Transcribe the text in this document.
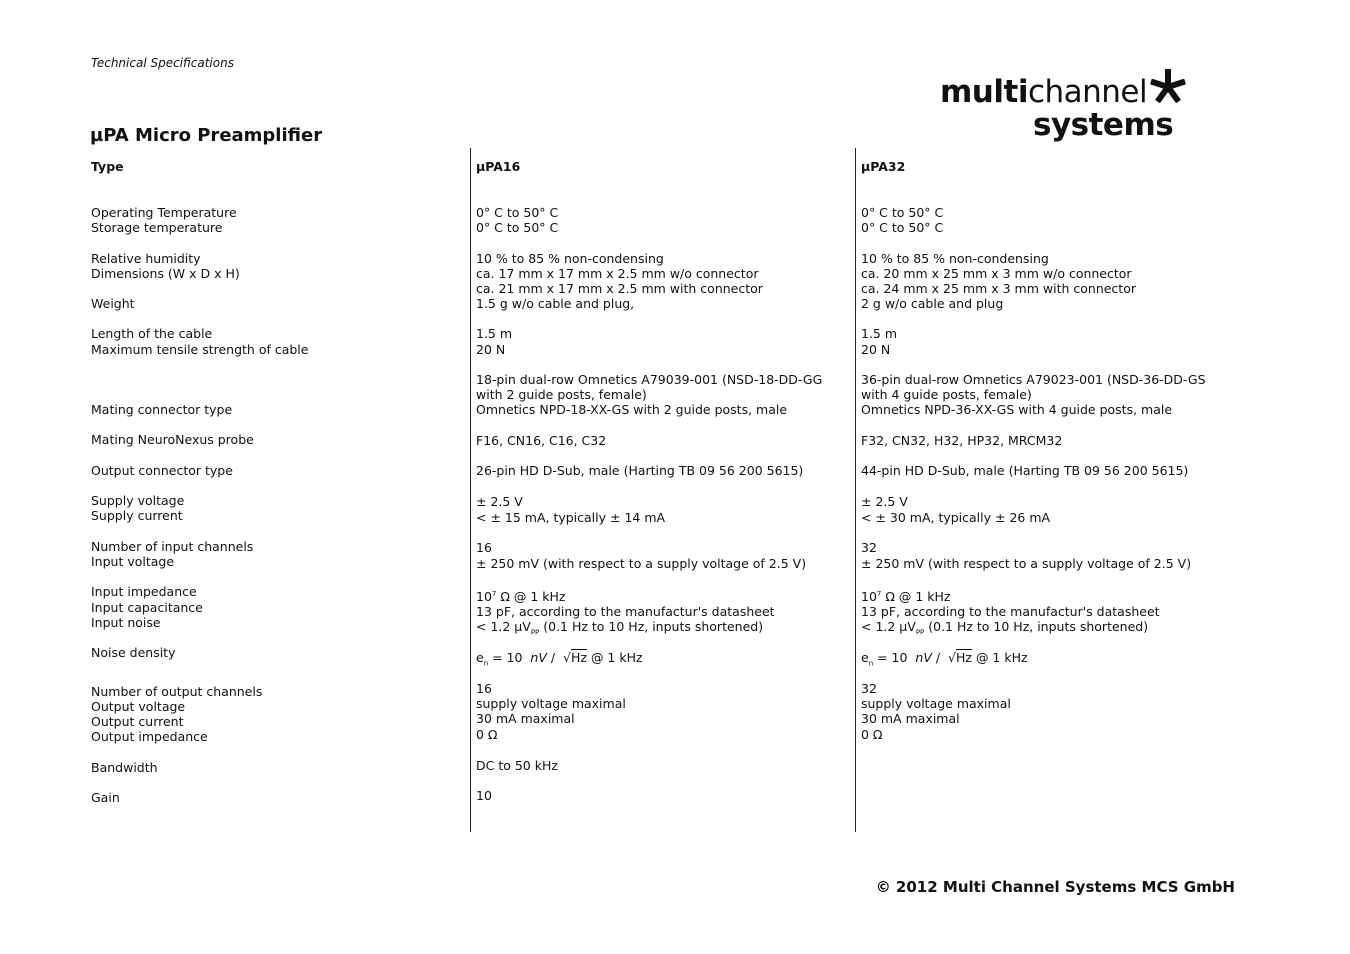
Technical Specifications
multichannel
systems
µPA Micro Preamplifier
Type
Operating Temperature
Storage temperature
Relative humidity
Dimensions (W x D x H)
Weight
Length of the cable
Maximum tensile strength of cable
Mating connector type
Mating NeuroNexus probe
Output connector type
Supply voltage
Supply current
Number of input channels
Input voltage
Input impedance
Input capacitance
Input noise
Noise density
Number of output channels
Output voltage
Output current
Output impedance
Bandwidth
Gain
µPA16
0° C to 50° C
0° C to 50° C
10 % to 85 % non-condensing
ca. 17 mm x 17 mm x 2.5 mm w/o connector
ca. 21 mm x 17 mm x 2.5 mm with connector
1.5 g w/o cable and plug,
1.5 m
20 N
18-pin dual-row Omnetics A79039-001 (NSD-18-DD-GG
with 2 guide posts, female)
Omnetics NPD-18-XX-GS with 2 guide posts, male
F16, CN16, C16, C32
26-pin HD D-Sub, male (Harting TB 09 56 200 5615)
± 2.5 V
< ± 15 mA, typically ± 14 mA
16
± 250 mV (with respect to a supply voltage of 2.5 V)
$10^7$ Ω @ 1 kHz
13 pF, according to the manufactur's datasheet
< 1.2 µV$_{PP}$ (0.1 Hz to 10 Hz, inputs shortened)
$e_n = 10$  nV /  √Hz @ 1 kHz
16
supply voltage maximal
30 mA maximal
0 Ω
DC to 50 kHz
10
µPA32
0° C to 50° C
0° C to 50° C
10 % to 85 % non-condensing
ca. 20 mm x 25 mm x 3 mm w/o connector
ca. 24 mm x 25 mm x 3 mm with connector
2 g w/o cable and plug
1.5 m
20 N
36-pin dual-row Omnetics A79023-001 (NSD-36-DD-GS
with 4 guide posts, female)
Omnetics NPD-36-XX-GS with 4 guide posts, male
F32, CN32, H32, HP32, MRCM32
44-pin HD D-Sub, male (Harting TB 09 56 200 5615)
± 2.5 V
< ± 30 mA, typically ± 26 mA
32
± 250 mV (with respect to a supply voltage of 2.5 V)
$10^7$ Ω @ 1 kHz
13 pF, according to the manufactur's datasheet
< 1.2 µV$_{PP}$ (0.1 Hz to 10 Hz, inputs shortened)
$e_n = 10$  nV /  √Hz @ 1 kHz
32
supply voltage maximal
30 mA maximal
0 Ω
© 2012 Multi Channel Systems MCS GmbH
